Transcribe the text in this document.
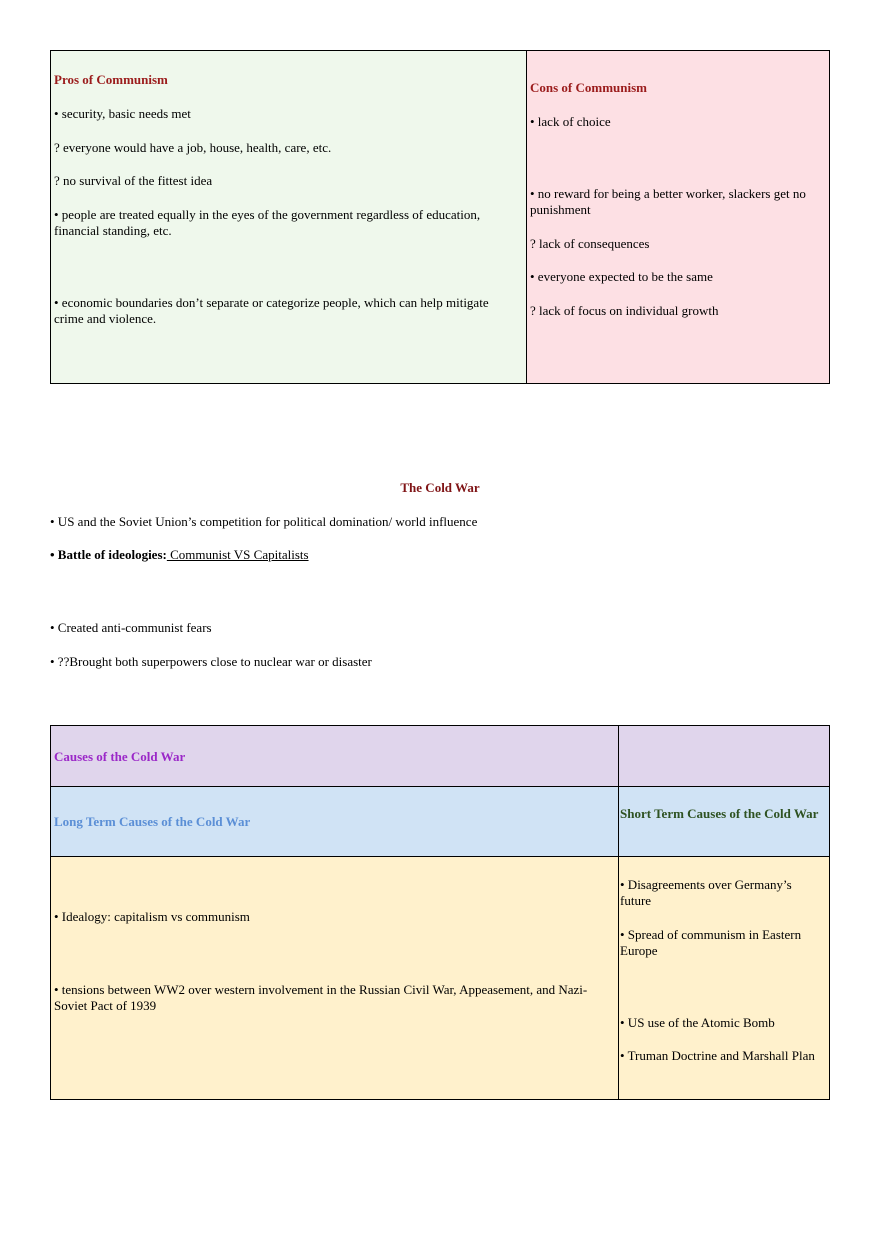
Pros of Communism
• security, basic needs met
? everyone would have a job, house, health, care, etc.
? no survival of the fittest idea
• people are treated equally in the eyes of the government regardless of education, financial standing, etc.
• economic boundaries don’t separate or categorize people, which can help mitigate crime and violence.
Cons of Communism
• lack of choice
• no reward for being a better worker, slackers get no punishment
? lack of consequences
• everyone expected to be the same
? lack of focus on individual growth
The Cold War
• US and the Soviet Union’s competition for political domination/ world influence
• Battle of ideologies: Communist VS Capitalists
• Created anti-communist fears
• ??Brought both superpowers close to nuclear war or disaster
Causes of the Cold War
Long Term Causes of the Cold War
Short Term Causes of the Cold War
• Idealogy: capitalism vs communism
• tensions between WW2 over western involvement in the Russian Civil War, Appeasement, and Nazi-Soviet Pact of 1939
• Disagreements over Germany’s future
• Spread of communism in Eastern Europe
• US use of the Atomic Bomb
• Truman Doctrine and Marshall Plan
